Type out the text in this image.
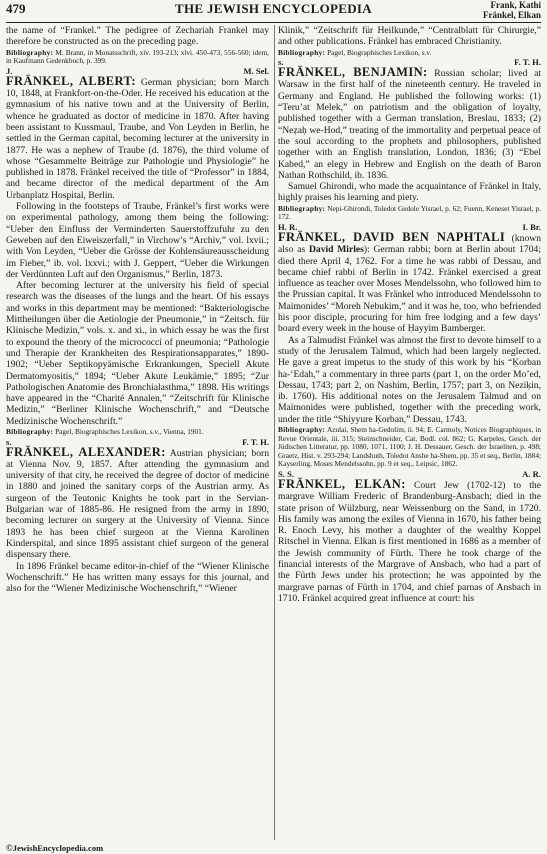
479	THE JEWISH ENCYCLOPEDIA	Frank, Kathi
Fränkel, Elkan

the name of “Frankel.” The pedigree of Zechariah Frankel may therefore be constructed as on the preceding page.

Bibliography: M. Brann, in Monatsschrift, xiv. 193-213; xlvi. 450-473, 556-560; idem, in Kaufmann Gedenkbuch, p. 399.
J.	M. Sel.

FRÄNKEL, ALBERT: German physician; born March 10, 1848, at Frankfort-on-the-Oder. He received his education at the gymnasium of his native town and at the University of Berlin, whence he graduated as doctor of medicine in 1870. After having been assistant to Kussmaul, Traube, and Von Leyden in Berlin, he settled in the German capital, becoming lecturer at the university in 1877. He was a nephew of Traube (d. 1876), the third volume of whose “Gesammelte Beiträge zur Pathologie und Physiologie” he published in 1878. Fränkel received the title of “Professor” in 1884, and became director of the medical department of the Am Urbanplatz Hospital, Berlin.

Following in the footsteps of Traube, Fränkel’s first works were on experimental pathology, among them being the following: “Ueber den Einfluss der Verminderten Sauerstoffzufuhr zu den Geweben auf den Eiweiszerfall,” in Virchow’s “Archiv,” vol. lxvii.; with Von Leyden, “Ueber die Grösse der Kohlensäureausscheidung im Fieber,” ib. vol. lxxvi.; with J. Geppert, “Ueber die Wirkungen der Verdünnten Luft auf den Organismus,” Berlin, 1873.

After becoming lecturer at the university his field of special research was the diseases of the lungs and the heart. Of his essays and works in this department may be mentioned: “Bakteriologische Mittheilungen über die Aetiologie der Pneumonie,” in “Zeitsch. für Klinische Medizin,” vols. x. and xi., in which essay he was the first to expound the theory of the micrococci of pneumonia; “Pathologie und Therapie der Krankheiten des Respirationsapparates,” 1890-1902; “Ueber Septikopyämische Erkrankungen, Speciell Akute Dermatomyositis,” 1894; “Ueber Akute Leukämie,” 1895; “Zur Pathologischen Anatomie des Bronchialasthma,” 1898. His writings have appeared in the “Charité Annalen,” “Zeitschrift für Klinische Medizin,” “Berliner Klinische Wochenschrift,” and “Deutsche Medizinische Wochenschrift.”

Bibliography: Pagel, Biographisches Lexikon, s.v., Vienna, 1901.
s.	F. T. H.

FRÄNKEL, ALEXANDER: Austrian physician; born at Vienna Nov. 9, 1857. After attending the gymnasium and university of that city, he received the degree of doctor of medicine in 1880 and joined the sanitary corps of the Austrian army. As surgeon of the Teutonic Knights he took part in the Servian-Bulgarian war of 1885-86. He resigned from the army in 1890, becoming lecturer on surgery at the University of Vienna. Since 1893 he has been chief surgeon at the Vienna Karolinen Kinderspital, and since 1895 assistant chief surgeon of the general dispensary there.

In 1896 Fränkel became editor-in-chief of the “Wiener Klinische Wochenschrift.” He has written many essays for this journal, and also for the “Wiener Medizinische Wochenschrift,” “Wiener

Klinik,” “Zeitschrift für Heilkunde,” “Centralblatt für Chirurgie,” and other publications. Fränkel has embraced Christianity.

Bibliography: Pagel, Biographisches Lexikon, s.v.
s.	F. T. H.

FRÄNKEL, BENJAMIN: Russian scholar; lived at Warsaw in the first half of the nineteenth century. He traveled in Germany and England. He published the following works: (1) “Teru’at Melek,” on patriotism and the obligation of loyalty, published together with a German translation, Breslau, 1833; (2) “Neẓaḥ we-Hod,” treating of the immortality and perpetual peace of the soul according to the prophets and philosophers, published together with an English translation, London, 1836; (3) “Ebel Kabed,” an elegy in Hebrew and English on the death of Baron Nathan Rothschild, ib. 1836.

Samuel Ghirondi, who made the acquaintance of Fränkel in Italy, highly praises his learning and piety.

Bibliography: Nepi-Ghirondi, Toledot Gedole Yisrael, p. 62; Fuenn, Keneset Yisrael, p. 172.
H. R.	I. Br.

FRÄNKEL, DAVID BEN NAPHTALI (known also as David Mirles): German rabbi; born at Berlin about 1704; died there April 4, 1762. For a time he was rabbi of Dessau, and became chief rabbi of Berlin in 1742. Fränkel exercised a great influence as teacher over Moses Mendelssohn, who followed him to the Prussian capital. It was Fränkel who introduced Mendelssohn to Maimonides’ “Moreh Nebukim,” and it was he, too, who befriended his poor disciple, procuring for him free lodging and a few days’ board every week in the house of Ḥayyim Bamberger.

As a Talmudist Fränkel was almost the first to devote himself to a study of the Jerusalem Talmud, which had been largely neglected. He gave a great impetus to the study of this work by his “Ḳorban ha-‘Edah,” a commentary in three parts (part 1, on the order Mo’ed, Dessau, 1743; part 2, on Nashim, Berlin, 1757; part 3, on Neziḳin, ib. 1760). His additional notes on the Jerusalem Talmud and on Maimonides were published, together with the preceding work, under the title “Shiyyure Ḳorban,” Dessau, 1743.

Bibliography: Azulai, Shem ha-Gedolim, ii. 94; E. Carmoly, Notices Biographiques, in Revue Orientale, iii. 315; Steinschneider, Cat. Bodl. col. 862; G. Karpeles, Gesch. der Jüdischen Litteratur, pp. 1080, 1071, 1100; J. H. Dessauer, Gesch. der Israeliten, p. 498; Graetz, Hist. v. 293-294; Landshuth, Toledot Anshe ha-Shem, pp. 35 et seq., Berlin, 1884; Kayserling, Moses Mendelssohn, pp. 9 et seq., Leipsic, 1862.
S. S.	A. R.

FRÄNKEL, ELKAN: Court Jew (1702-12) to the margrave William Frederic of Brandenburg-Ansbach; died in the state prison of Wülzburg, near Weissenburg on the Sand, in 1720. His family was among the exiles of Vienna in 1670, his father being R. Enoch Levy, his mother a daughter of the wealthy Koppel Ritschel in Vienna. Elkan is first mentioned in 1686 as a member of the Jewish community of Fürth. There he took charge of the financial interests of the Margrave of Ansbach, who had a part of the Fürth Jews under his protection; he was appointed by the margrave parnas of Fürth in 1704, and chief parnas of Ansbach in 1710. Fränkel acquired great influence at court: his

©JewishEncyclopedia.com
